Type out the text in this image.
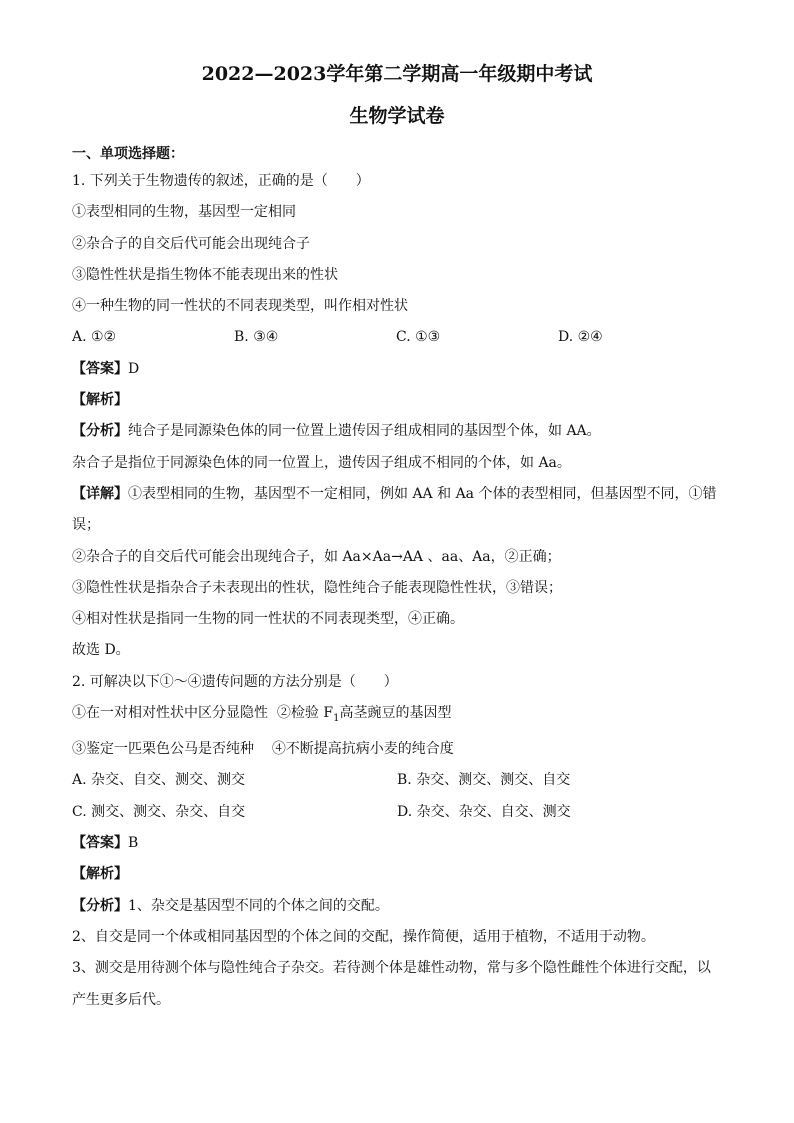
2022—2023学年第二学期高一年级期中考试
生物学试卷
一、单项选择题：
1. 下列关于生物遗传的叙述，正确的是（　　）
①表型相同的生物，基因型一定相同
②杂合子的自交后代可能会出现纯合子
③隐性性状是指生物体不能表现出来的性状
④一种生物的同一性状的不同表现类型，叫作相对性状
A. ①②	B. ③④	C. ①③	D. ②④
【答案】D
【解析】
【分析】纯合子是同源染色体的同一位置上遗传因子组成相同的基因型个体，如 AA。
杂合子是指位于同源染色体的同一位置上，遗传因子组成不相同的个体，如 Aa。
【详解】①表型相同的生物，基因型不一定相同，例如 AA 和 Aa 个体的表型相同，但基因型不同，①错误；
②杂合子的自交后代可能会出现纯合子，如 Aa×Aa→AA 、aa、Aa，②正确；
③隐性性状是指杂合子未表现出的性状，隐性纯合子能表现隐性性状，③错误；
④相对性状是指同一生物的同一性状的不同表现类型，④正确。
故选 D。
2. 可解决以下①～④遗传问题的方法分别是（　　）
①在一对相对性状中区分显隐性 ②检验 $F_1$高茎豌豆的基因型
③鉴定一匹栗色公马是否纯种 ④不断提高抗病小麦的纯合度
A. 杂交、自交、测交、测交	B. 杂交、测交、测交、自交
C. 测交、测交、杂交、自交	D. 杂交、杂交、自交、测交
【答案】B
【解析】
【分析】1、杂交是基因型不同的个体之间的交配。
2、自交是同一个体或相同基因型的个体之间的交配，操作简便，适用于植物，不适用于动物。
3、测交是用待测个体与隐性纯合子杂交。若待测个体是雄性动物，常与多个隐性雌性个体进行交配，以产生更多后代。
